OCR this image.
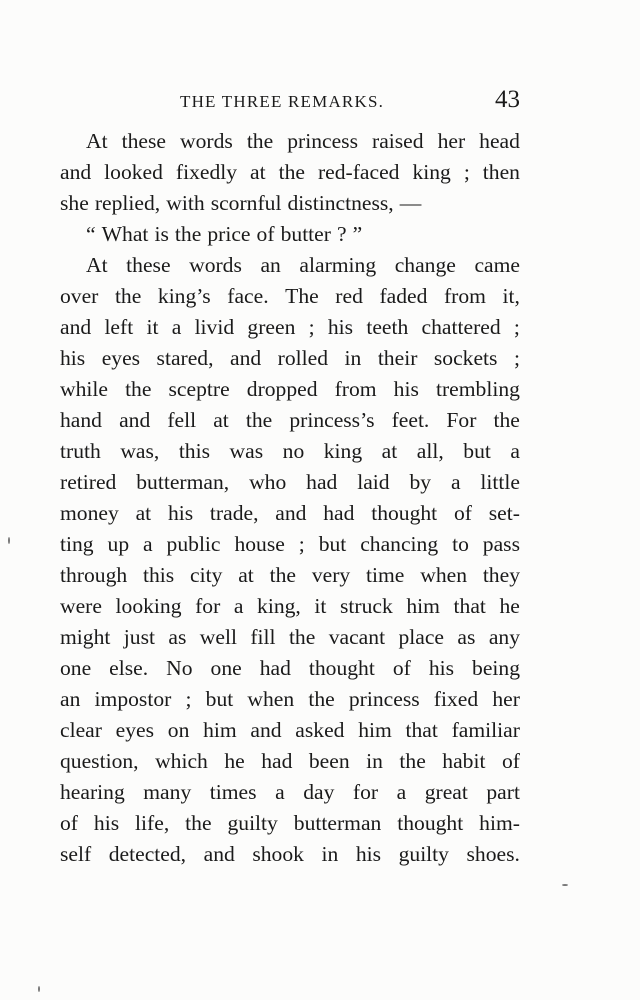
THE THREE REMARKS.	43
At these words the princess raised her head
and looked fixedly at the red-faced king ; then
she replied, with scornful distinctness, —
“ What is the price of butter ? ”
At these words an alarming change came
over the king’s face. The red faded from it,
and left it a livid green ; his teeth chattered ;
his eyes stared, and rolled in their sockets ;
while the sceptre dropped from his trembling
hand and fell at the princess’s feet. For the
truth was, this was no king at all, but a
retired butterman, who had laid by a little
money at his trade, and had thought of set-
ting up a public house ; but chancing to pass
through this city at the very time when they
were looking for a king, it struck him that he
might just as well fill the vacant place as any
one else. No one had thought of his being
an impostor ; but when the princess fixed her
clear eyes on him and asked him that familiar
question, which he had been in the habit of
hearing many times a day for a great part
of his life, the guilty butterman thought him-
self detected, and shook in his guilty shoes.
